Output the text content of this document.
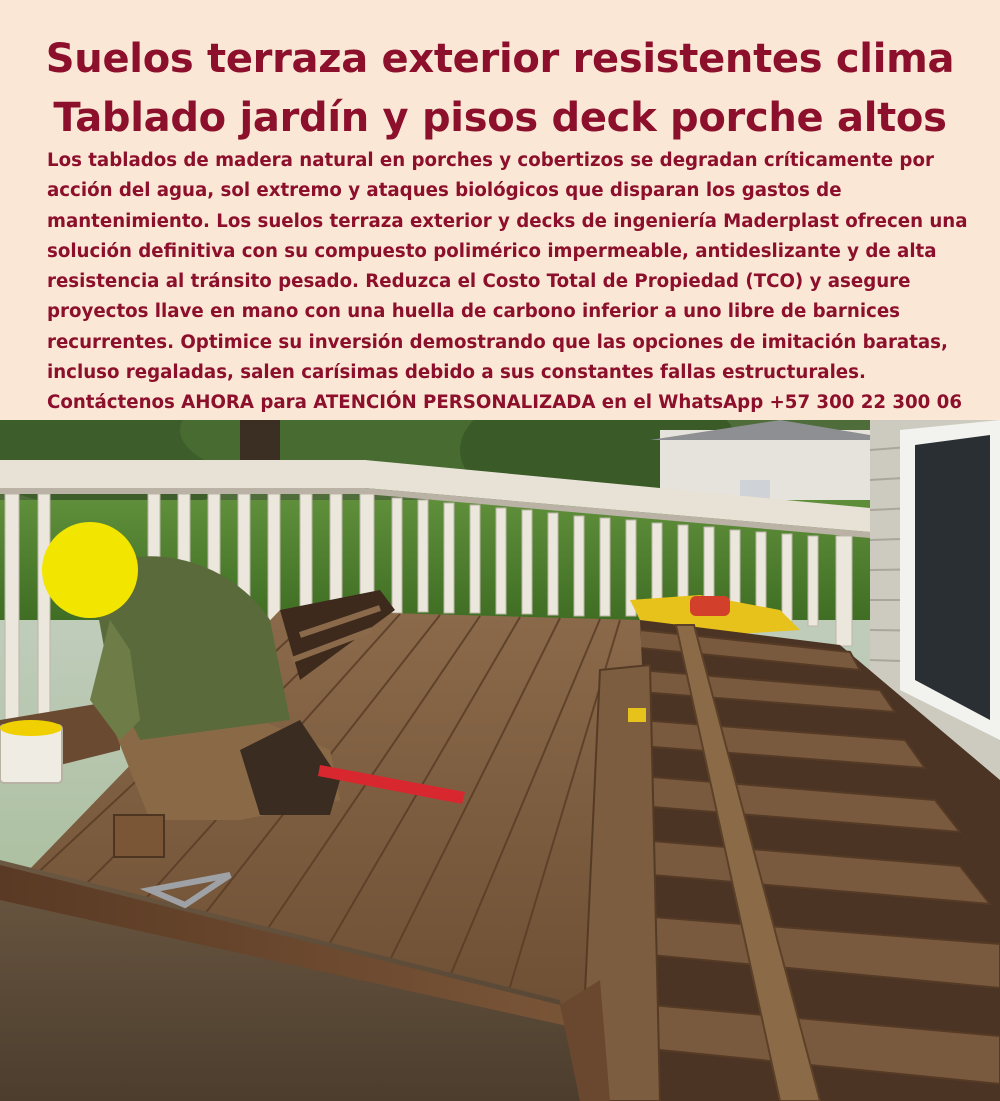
Suelos terraza exterior resistentes clima
Tablado jardín y pisos deck porche altos
Los tablados de madera natural en porches y cobertizos se degradan críticamente por
acción del agua, sol extremo y ataques biológicos que disparan los gastos de
mantenimiento. Los suelos terraza exterior y decks de ingeniería Maderplast ofrecen una
solución definitiva con su compuesto polimérico impermeable, antideslizante y de alta
resistencia al tránsito pesado. Reduzca el Costo Total de Propiedad (TCO) y asegure
proyectos llave en mano con una huella de carbono inferior a uno libre de barnices
recurrentes. Optimice su inversión demostrando que las opciones de imitación baratas,
incluso regaladas, salen carísimas debido a sus constantes fallas estructurales.
Contáctenos AHORA para ATENCIÓN PERSONALIZADA en el WhatsApp +57 300 22 300 06
